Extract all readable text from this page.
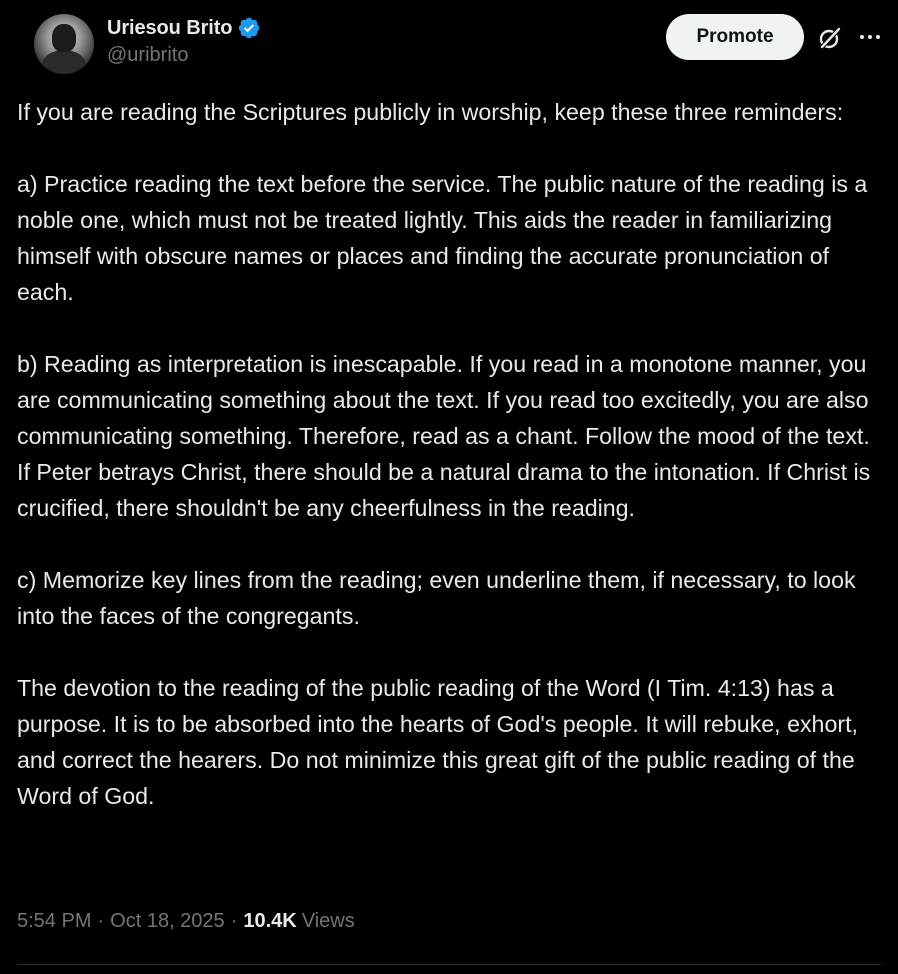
Uriesou Brito
@uribrito
Promote

If you are reading the Scriptures publicly in worship, keep these three reminders:

a) Practice reading the text before the service. The public nature of the reading is a noble one, which must not be treated lightly. This aids the reader in familiarizing himself with obscure names or places and finding the accurate pronunciation of each.

b) Reading as interpretation is inescapable. If you read in a monotone manner, you are communicating something about the text. If you read too excitedly, you are also communicating something. Therefore, read as a chant. Follow the mood of the text. If Peter betrays Christ, there should be a natural drama to the intonation. If Christ is crucified, there shouldn't be any cheerfulness in the reading.

c) Memorize key lines from the reading; even underline them, if necessary, to look into the faces of the congregants.

The devotion to the reading of the public reading of the Word (I Tim. 4:13) has a purpose. It is to be absorbed into the hearts of God's people. It will rebuke, exhort, and correct the hearers. Do not minimize this great gift of the public reading of the Word of God.

5:54 PM · Oct 18, 2025 · 10.4K Views
